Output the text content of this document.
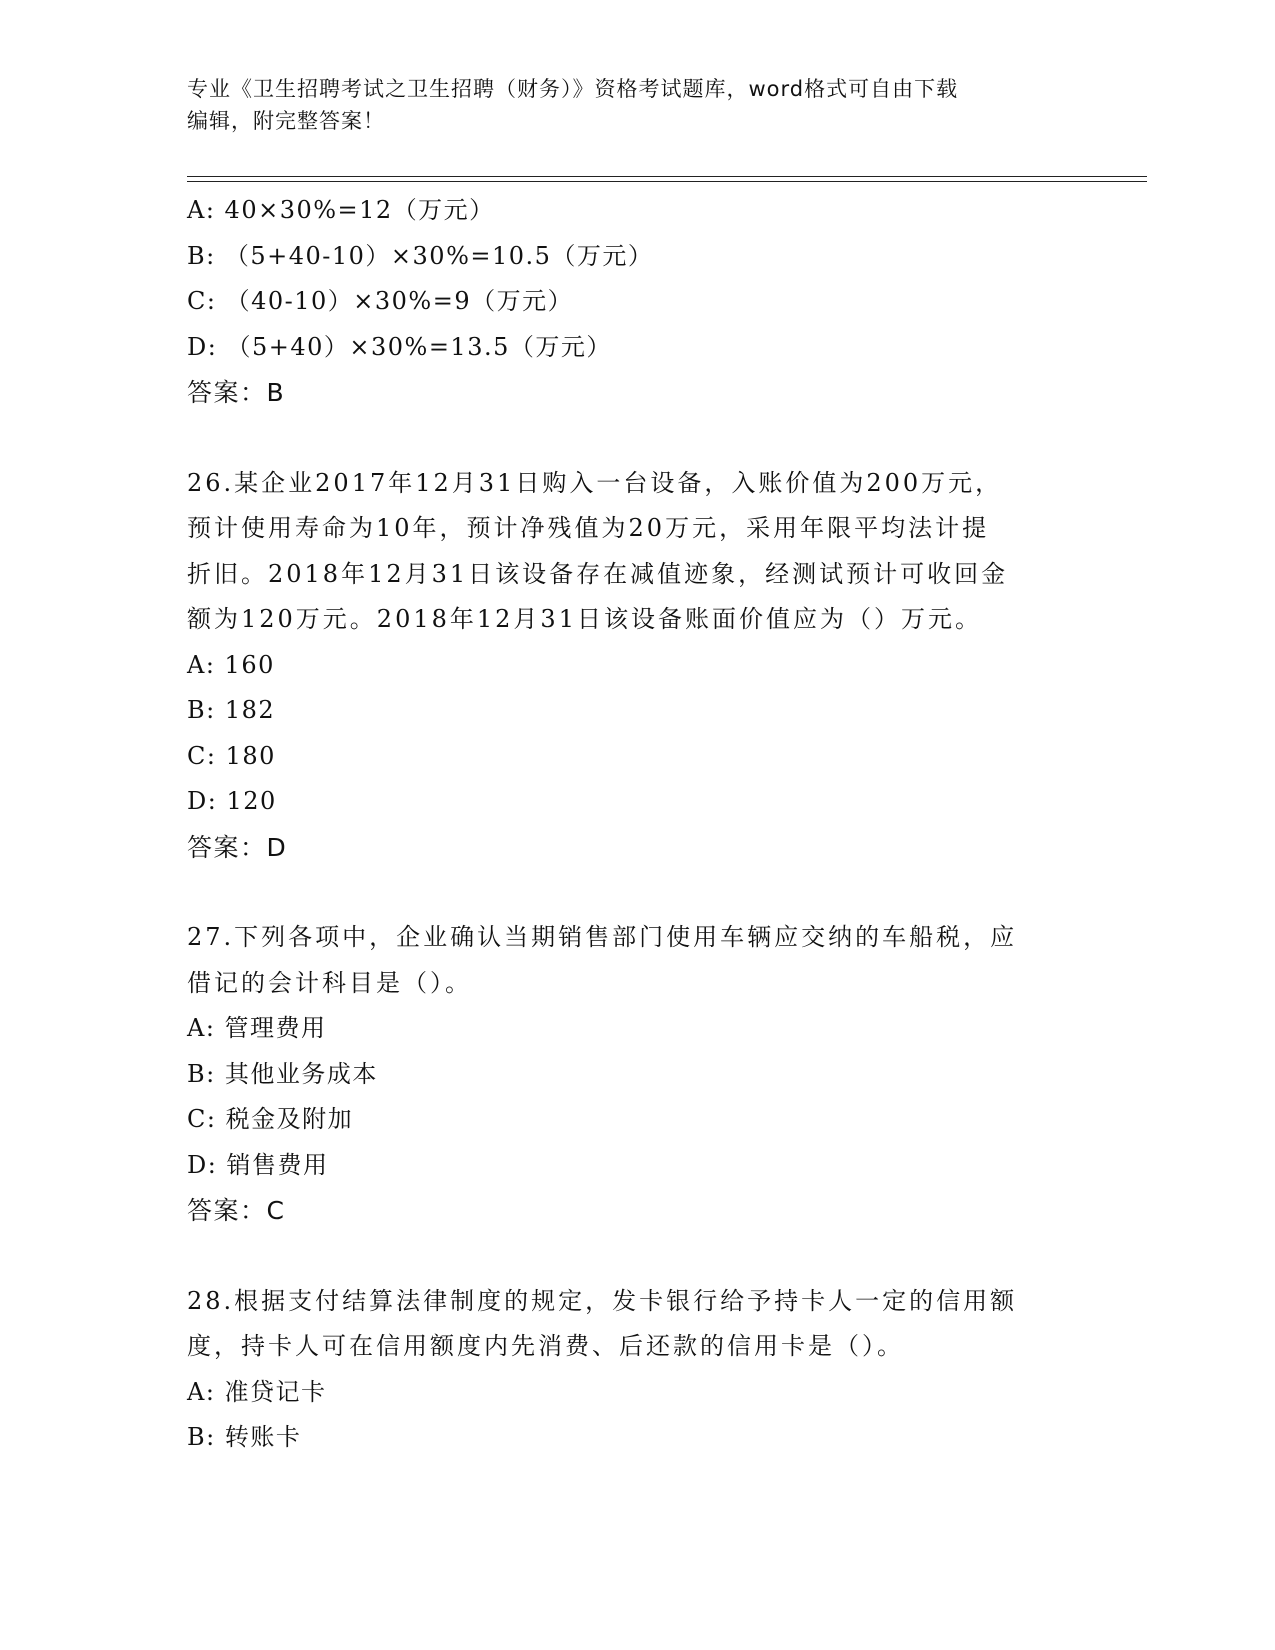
专业《卫生招聘考试之卫生招聘（财务）》资格考试题库，word格式可自由下载
编辑，附完整答案！
A: 40×30%=12（万元）
B: （5+40-10）×30%=10.5（万元）
C: （40-10）×30%=9（万元）
D: （5+40）×30%=13.5（万元）
答案：B
26.某企业2017年12月31日购入一台设备，入账价值为200万元，
预计使用寿命为10年，预计净残值为20万元，采用年限平均法计提
折旧。2018年12月31日该设备存在减值迹象，经测试预计可收回金
额为120万元。2018年12月31日该设备账面价值应为（）万元。
A: 160
B: 182
C: 180
D: 120
答案：D
27.下列各项中，企业确认当期销售部门使用车辆应交纳的车船税，应
借记的会计科目是（）。
A: 管理费用
B: 其他业务成本
C: 税金及附加
D: 销售费用
答案：C
28.根据支付结算法律制度的规定，发卡银行给予持卡人一定的信用额
度，持卡人可在信用额度内先消费、后还款的信用卡是（）。
A: 准贷记卡
B: 转账卡
